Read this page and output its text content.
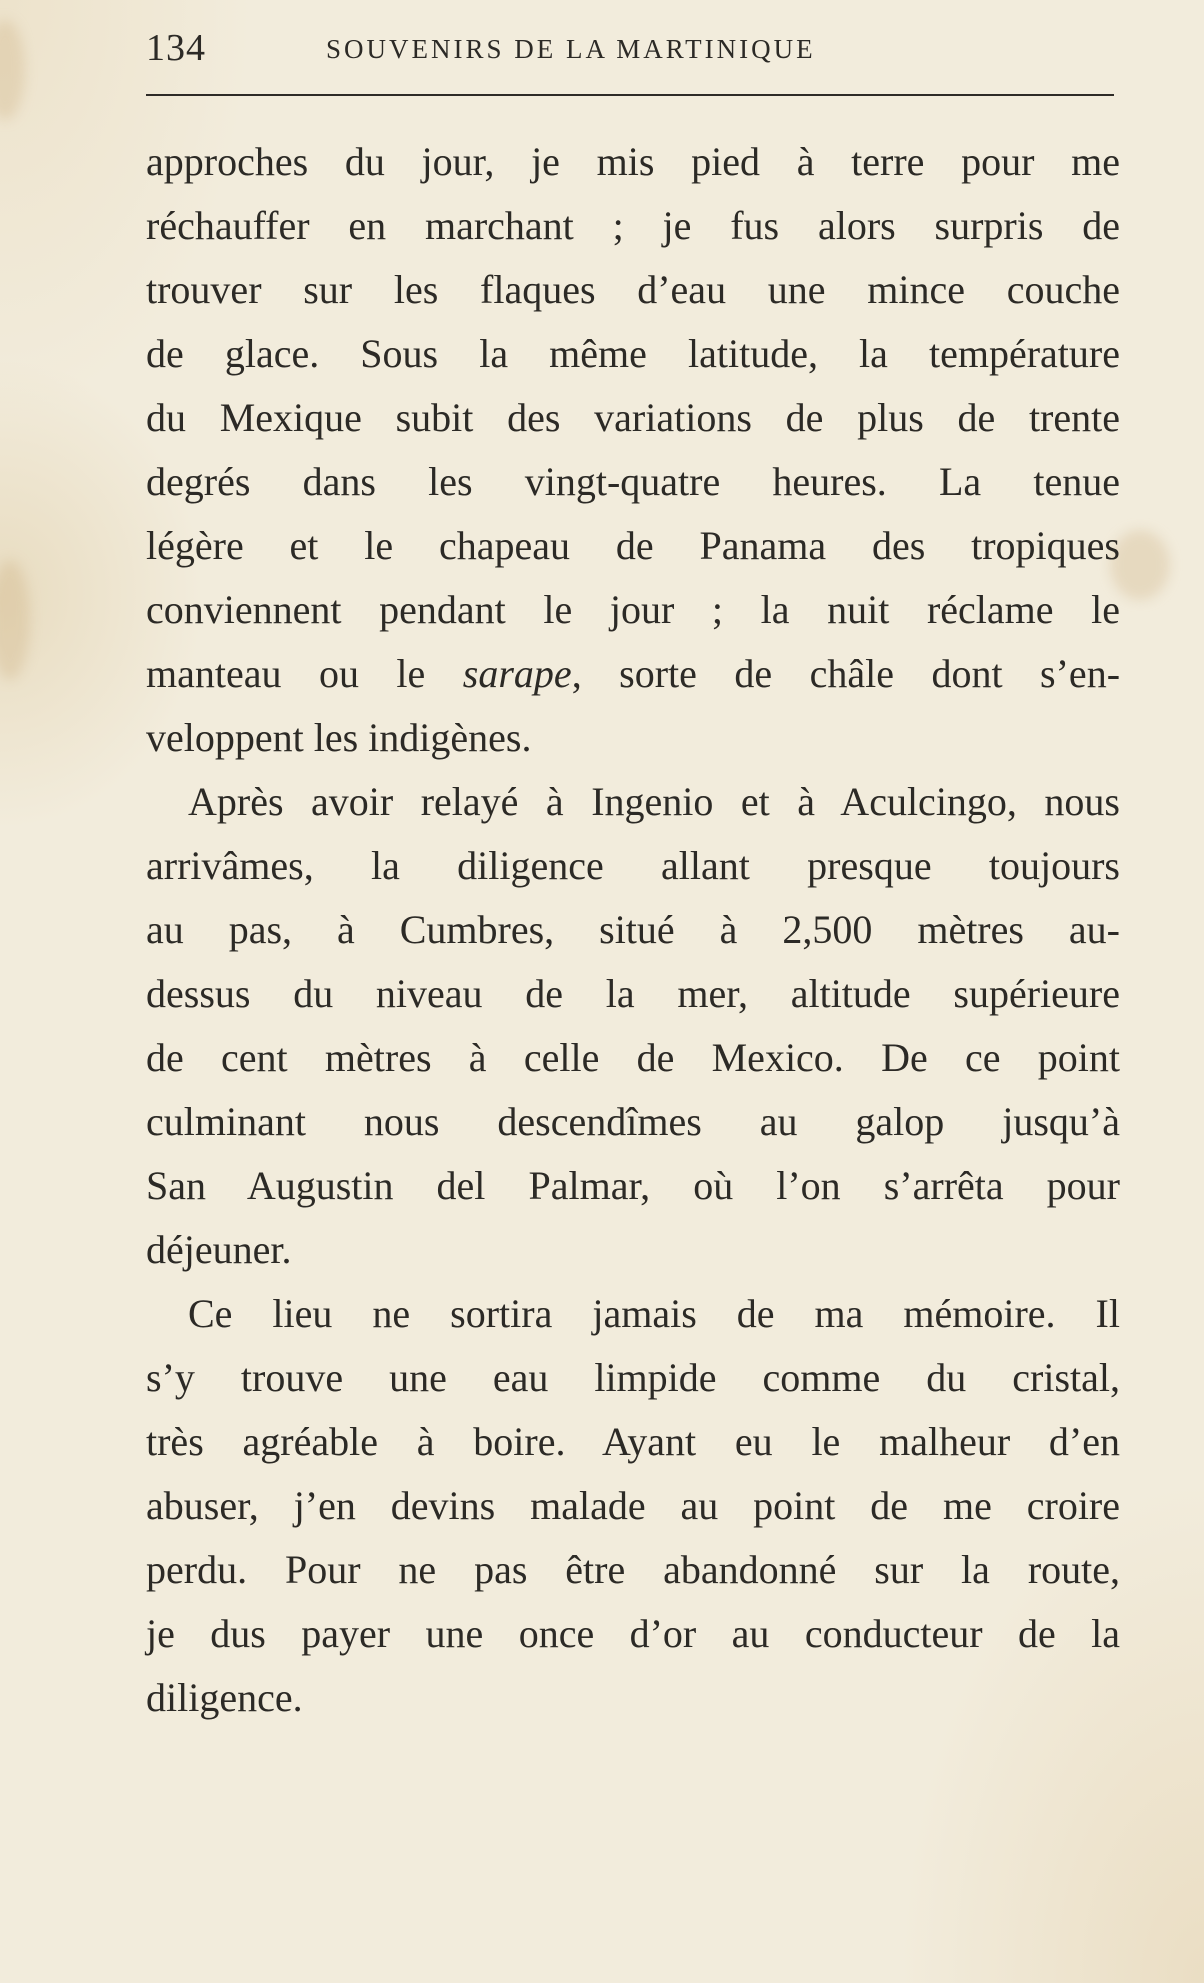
134	SOUVENIRS DE LA MARTINIQUE
approches du jour, je mis pied à terre pour me
réchauffer en marchant ; je fus alors surpris de
trouver sur les flaques d’eau une mince couche
de glace. Sous la même latitude, la température
du Mexique subit des variations de plus de trente
degrés dans les vingt-quatre heures. La tenue
légère et le chapeau de Panama des tropiques
conviennent pendant le jour ; la nuit réclame le
manteau ou le sarape, sorte de châle dont s’en-
veloppent les indigènes.
Après avoir relayé à Ingenio et à Aculcingo, nous
arrivâmes, la diligence allant presque toujours
au pas, à Cumbres, situé à 2,500 mètres au-
dessus du niveau de la mer, altitude supérieure
de cent mètres à celle de Mexico. De ce point
culminant nous descendîmes au galop jusqu’à
San Augustin del Palmar, où l’on s’arrêta pour
déjeuner.
Ce lieu ne sortira jamais de ma mémoire. Il
s’y trouve une eau limpide comme du cristal,
très agréable à boire. Ayant eu le malheur d’en
abuser, j’en devins malade au point de me croire
perdu. Pour ne pas être abandonné sur la route,
je dus payer une once d’or au conducteur de la
diligence.
